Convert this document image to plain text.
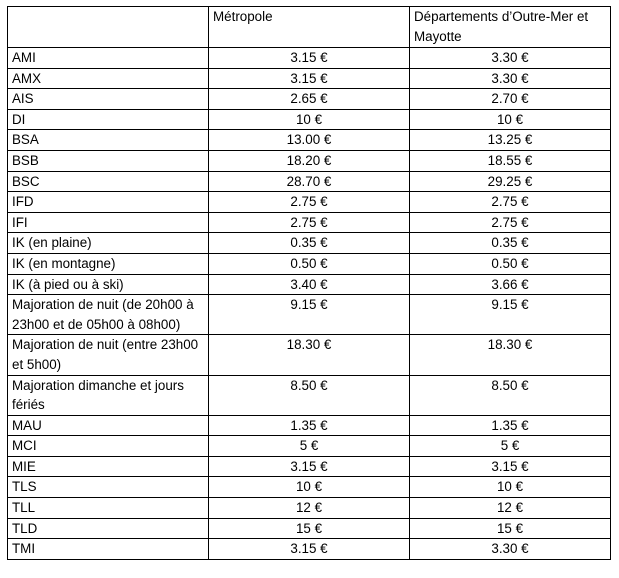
	Métropole	Départements d’Outre-Mer et Mayotte
AMI	3.15 €	3.30 €
AMX	3.15 €	3.30 €
AIS	2.65 €	2.70 €
DI	10 €	10 €
BSA	13.00 €	13.25 €
BSB	18.20 €	18.55 €
BSC	28.70 €	29.25 €
IFD	2.75 €	2.75 €
IFI	2.75 €	2.75 €
IK (en plaine)	0.35 €	0.35 €
IK (en montagne)	0.50 €	0.50 €
IK (à pied ou à ski)	3.40 €	3.66 €
Majoration de nuit (de 20h00 à 23h00 et de 05h00 à 08h00)	9.15 €	9.15 €
Majoration de nuit (entre 23h00 et 5h00)	18.30 €	18.30 €
Majoration dimanche et jours fériés	8.50 €	8.50 €
MAU	1.35 €	1.35 €
MCI	5 €	5 €
MIE	3.15 €	3.15 €
TLS	10 €	10 €
TLL	12 €	12 €
TLD	15 €	15 €
TMI	3.15 €	3.30 €
